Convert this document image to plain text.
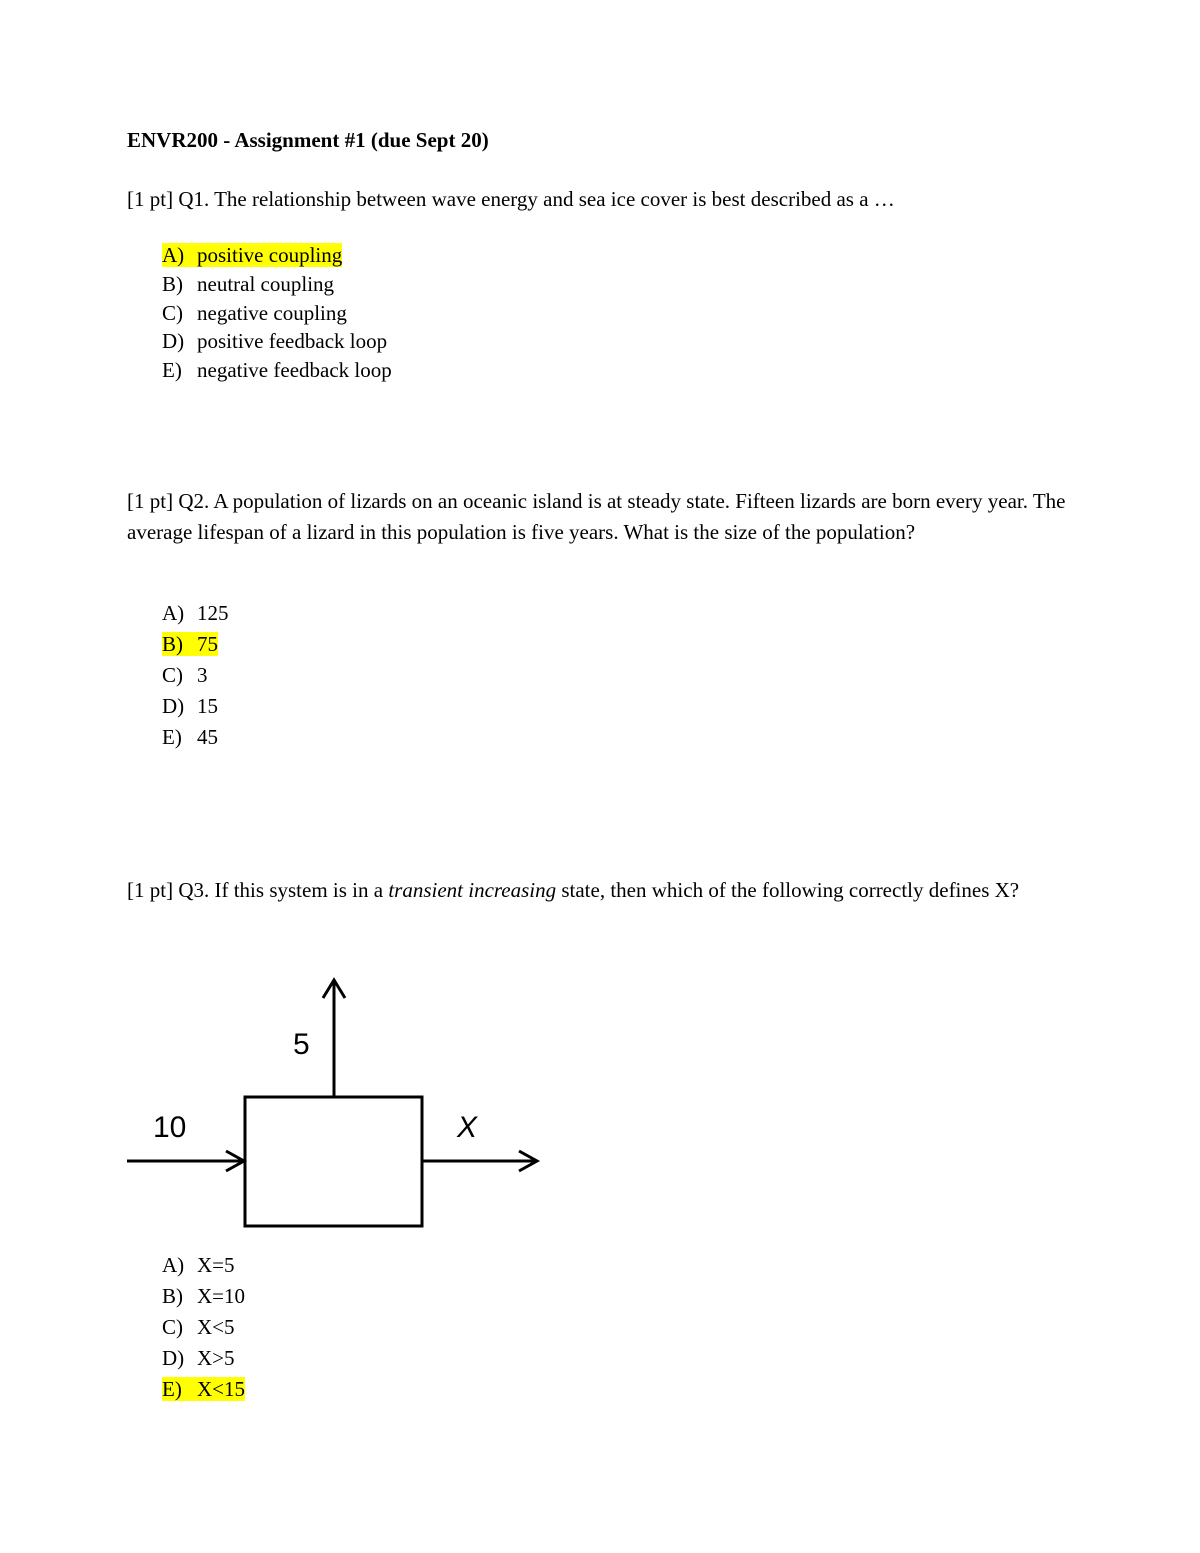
ENVR200 - Assignment #1 (due Sept 20)
[1 pt] Q1. The relationship between wave energy and sea ice cover is best described as a …
A) positive coupling
B) neutral coupling
C) negative coupling
D) positive feedback loop
E) negative feedback loop
[1 pt] Q2. A population of lizards on an oceanic island is at steady state. Fifteen lizards are born every year. The average lifespan of a lizard in this population is five years. What is the size of the population?
A) 125
B) 75
C) 3
D) 15
E) 45
[1 pt] Q3. If this system is in a transient increasing state, then which of the following correctly defines X?
5
10	X
A) X=5
B) X=10
C) X<5
D) X>5
E) X<15
